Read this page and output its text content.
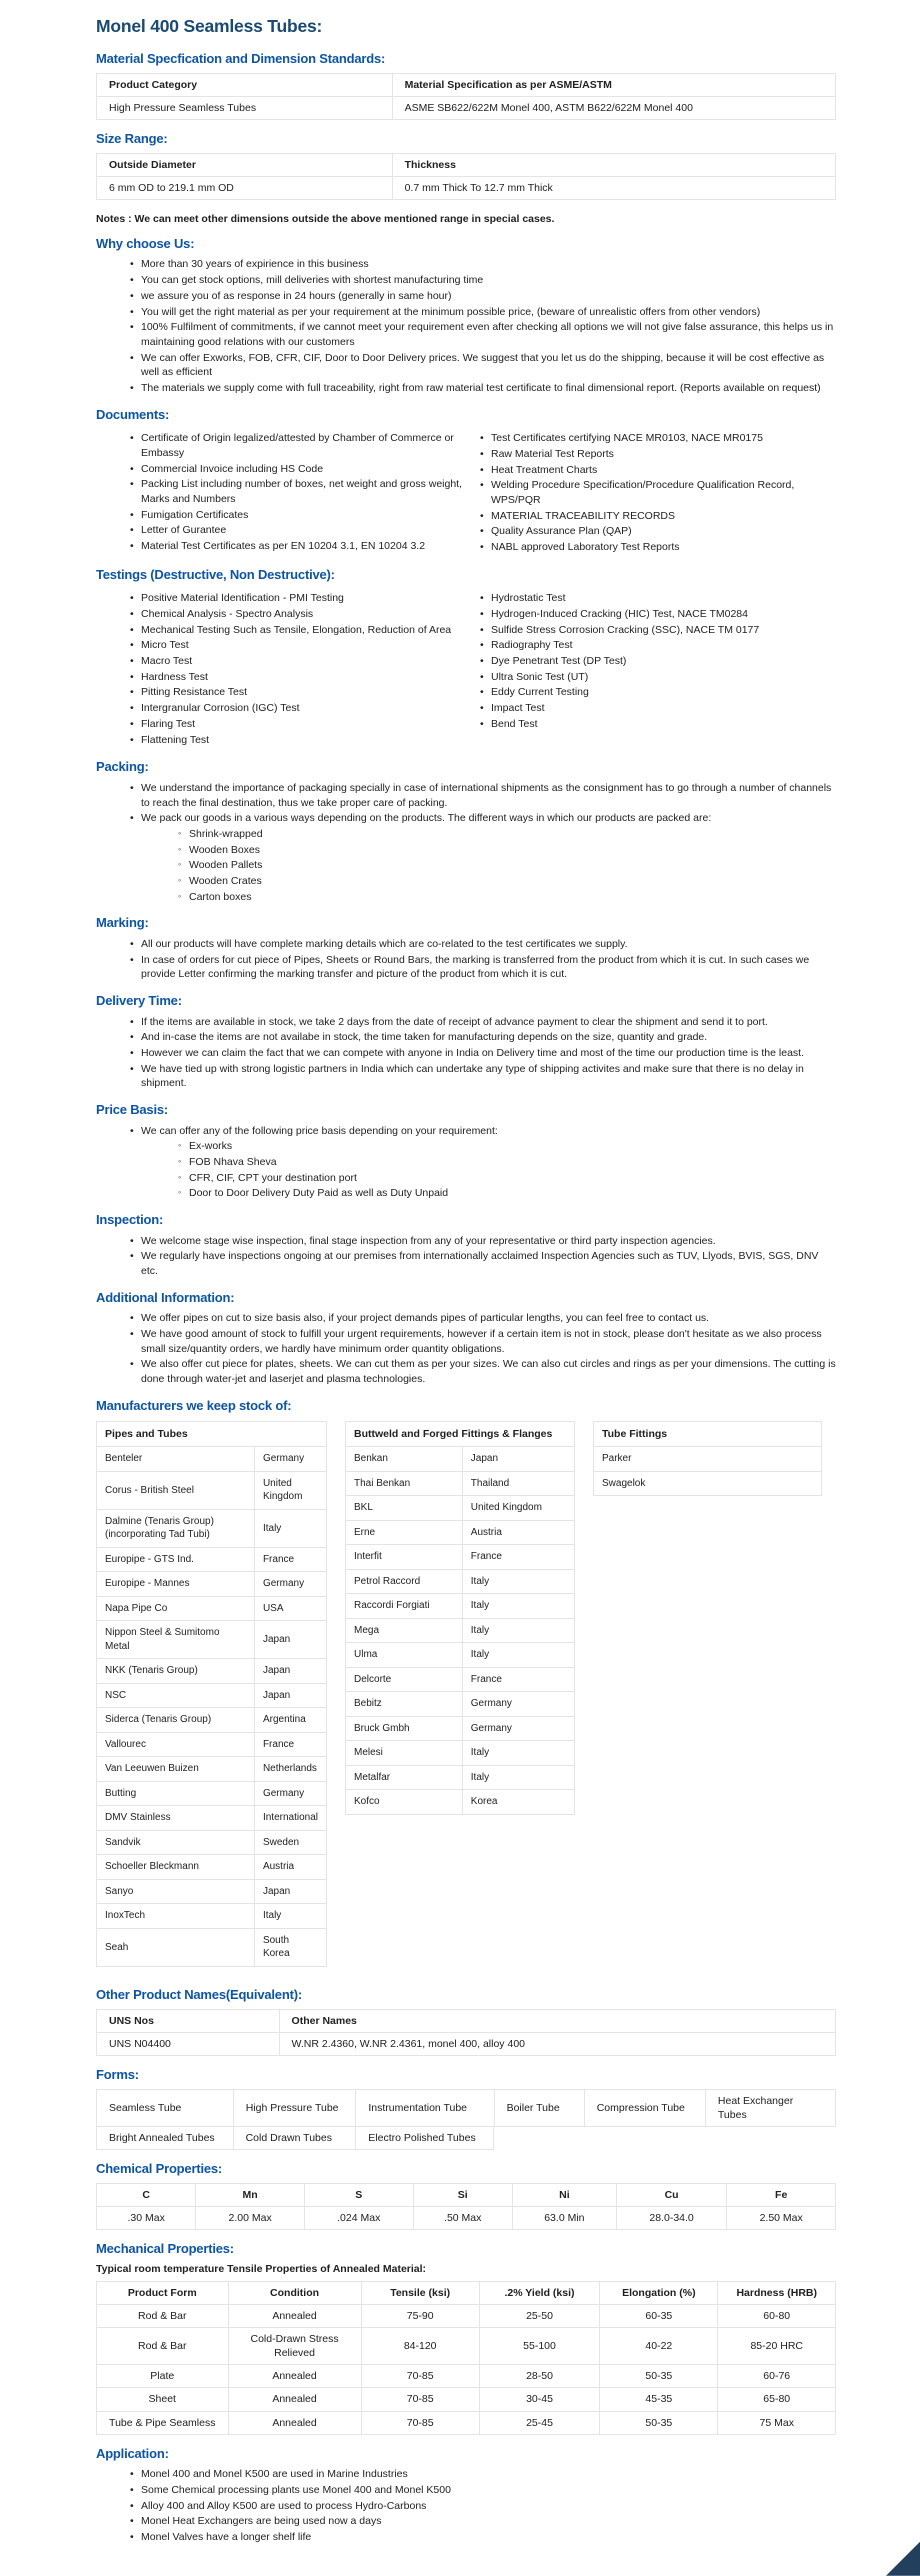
Monel 400 Seamless Tubes:
Material Specfication and Dimension Standards:
Product Category	Material Specification as per ASME/ASTM
High Pressure Seamless Tubes	ASME SB622/622M Monel 400, ASTM B622/622M Monel 400
Size Range:
Outside Diameter	Thickness
6 mm OD to 219.1 mm OD	0.7 mm Thick To 12.7 mm Thick

Notes : We can meet other dimensions outside the above mentioned range in special cases.

Why choose Us:
• More than 30 years of expirience in this business
• You can get stock options, mill deliveries with shortest manufacturing time
• we assure you of as response in 24 hours (generally in same hour)
• You will get the right material as per your requirement at the minimum possible price, (beware of unrealistic offers from other vendors)
• 100% Fulfilment of commitments, if we cannot meet your requirement even after checking all options we will not give false assurance, this helps us in maintaining good relations with our customers
• We can offer Exworks, FOB, CFR, CIF, Door to Door Delivery prices. We suggest that you let us do the shipping, because it will be cost effective as well as efficient
• The materials we supply come with full traceability, right from raw material test certificate to final dimensional report. (Reports available on request)
Documents:
• Certificate of Origin legalized/attested by Chamber of Commerce or Embassy
• Commercial Invoice including HS Code
• Packing List including number of boxes, net weight and gross weight, Marks and Numbers
• Fumigation Certificates
• Letter of Gurantee
• Material Test Certificates as per EN 10204 3.1, EN 10204 3.2
• Test Certificates certifying NACE MR0103, NACE MR0175
• Raw Material Test Reports
• Heat Treatment Charts
• Welding Procedure Specification/Procedure Qualification Record, WPS/PQR
• MATERIAL TRACEABILITY RECORDS
• Quality Assurance Plan (QAP)
• NABL approved Laboratory Test Reports
Testings (Destructive, Non Destructive):
• Positive Material Identification - PMI Testing
• Chemical Analysis - Spectro Analysis
• Mechanical Testing Such as Tensile, Elongation, Reduction of Area
• Micro Test
• Macro Test
• Hardness Test
• Pitting Resistance Test
• Intergranular Corrosion (IGC) Test
• Flaring Test
• Flattening Test
• Hydrostatic Test
• Hydrogen-Induced Cracking (HIC) Test, NACE TM0284
• Sulfide Stress Corrosion Cracking (SSC), NACE TM 0177
• Radiography Test
• Dye Penetrant Test (DP Test)
• Ultra Sonic Test (UT)
• Eddy Current Testing
• Impact Test
• Bend Test
Packing:
• We understand the importance of packaging specially in case of international shipments as the consignment has to go through a number of channels to reach the final destination, thus we take proper care of packing.
• We pack our goods in a various ways depending on the products. The different ways in which our products are packed are:
◦ Shrink-wrapped
◦ Wooden Boxes
◦ Wooden Pallets
◦ Wooden Crates
◦ Carton boxes
Marking:
• All our products will have complete marking details which are co-related to the test certificates we supply.
• In case of orders for cut piece of Pipes, Sheets or Round Bars, the marking is transferred from the product from which it is cut. In such cases we provide Letter confirming the marking transfer and picture of the product from which it is cut.
Delivery Time:
• If the items are available in stock, we take 2 days from the date of receipt of advance payment to clear the shipment and send it to port.
• And in-case the items are not availabe in stock, the time taken for manufacturing depends on the size, quantity and grade.
• However we can claim the fact that we can compete with anyone in India on Delivery time and most of the time our production time is the least.
• We have tied up with strong logistic partners in India which can undertake any type of shipping activites and make sure that there is no delay in shipment.
Price Basis:
• We can offer any of the following price basis depending on your requirement:
◦ Ex-works
◦ FOB Nhava Sheva
◦ CFR, CIF, CPT your destination port
◦ Door to Door Delivery Duty Paid as well as Duty Unpaid
Inspection:
• We welcome stage wise inspection, final stage inspection from any of your representative or third party inspection agencies.
• We regularly have inspections ongoing at our premises from internationally acclaimed Inspection Agencies such as TUV, Llyods, BVIS, SGS, DNV etc.
Additional Information:
• We offer pipes on cut to size basis also, if your project demands pipes of particular lengths, you can feel free to contact us.
• We have good amount of stock to fulfill your urgent requirements, however if a certain item is not in stock, please don't hesitate as we also process small size/quantity orders, we hardly have minimum order quantity obligations.
• We also offer cut piece for plates, sheets. We can cut them as per your sizes. We can also cut circles and rings as per your dimensions. The cutting is done through water-jet and laserjet and plasma technologies.
Manufacturers we keep stock of:
Pipes and Tubes	
Benteler	Germany
Corus - British Steel	United Kingdom
Dalmine (Tenaris Group) (incorporating Tad Tubi)	Italy
Europipe - GTS Ind.	France
Europipe - Mannes	Germany
Napa Pipe Co	USA
Nippon Steel & Sumitomo Metal	Japan
NKK (Tenaris Group)	Japan
NSC	Japan
Siderca (Tenaris Group)	Argentina
Vallourec	France
Van Leeuwen Buizen	Netherlands
Butting	Germany
DMV Stainless	International
Sandvik	Sweden
Schoeller Bleckmann	Austria
Sanyo	Japan
InoxTech	Italy
Seah	South Korea
Buttweld and Forged Fittings & Flanges	
Benkan	Japan
Thai Benkan	Thailand
BKL	United Kingdom
Erne	Austria
Interfit	France
Petrol Raccord	Italy
Raccordi Forgiati	Italy
Mega	Italy
Ulma	Italy
Delcorte	France
Bebitz	Germany
Bruck Gmbh	Germany
Melesi	Italy
Metalfar	Italy
Kofco	Korea
Tube Fittings
Parker
Swagelok
Other Product Names(Equivalent):
UNS Nos	Other Names
UNS N04400	W.NR 2.4360, W.NR 2.4361, monel 400, alloy 400
Forms:
Seamless Tube	High Pressure Tube	Instrumentation Tube	Boiler Tube	Compression Tube	Heat Exchanger Tubes
Bright Annealed Tubes	Cold Drawn Tubes	Electro Polished Tubes
Chemical Properties:
C	Mn	S	Si	Ni	Cu	Fe
.30 Max	2.00 Max	.024 Max	.50 Max	63.0 Min	28.0-34.0	2.50 Max
Mechanical Properties:

Typical room temperature Tensile Properties of Annealed Material:

Product Form	Condition	Tensile (ksi)	.2% Yield (ksi)	Elongation (%)	Hardness (HRB)
Rod & Bar	Annealed	75-90	25-50	60-35	60-80
Rod & Bar	Cold-Drawn Stress Relieved	84-120	55-100	40-22	85-20 HRC
Plate	Annealed	70-85	28-50	50-35	60-76
Sheet	Annealed	70-85	30-45	45-35	65-80
Tube & Pipe Seamless	Annealed	70-85	25-45	50-35	75 Max
Application:
• Monel 400 and Monel K500 are used in Marine Industries
• Some Chemical processing plants use Monel 400 and Monel K500
• Alloy 400 and Alloy K500 are used to process Hydro-Carbons
• Monel Heat Exchangers are being used now a days
• Monel Valves have a longer shelf life
